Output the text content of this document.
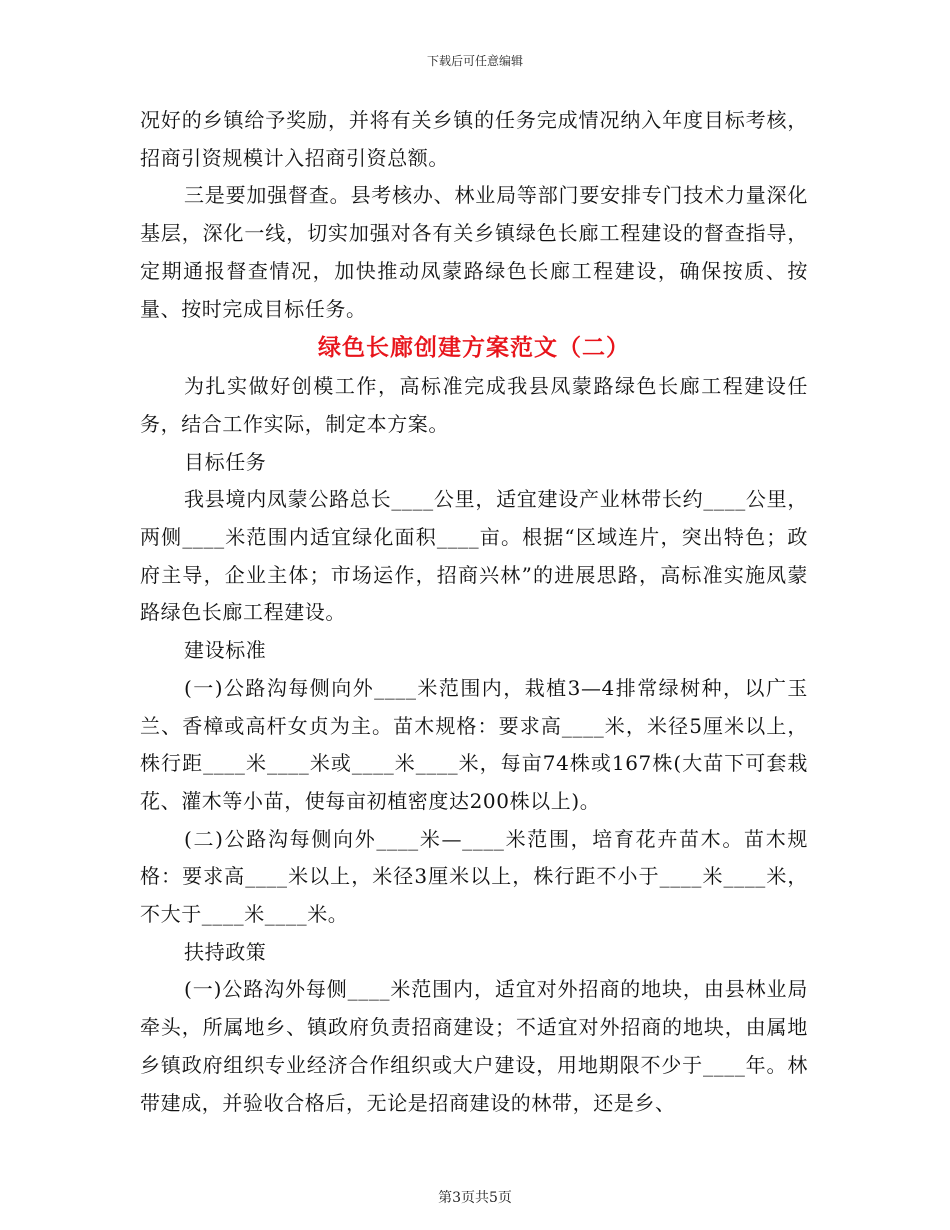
下载后可任意编辑

况好的乡镇给予奖励，并将有关乡镇的任务完成情况纳入年度目标考核，招商引资规模计入招商引资总额。

三是要加强督查。县考核办、林业局等部门要安排专门技术力量深化基层，深化一线，切实加强对各有关乡镇绿色长廊工程建设的督查指导，定期通报督查情况，加快推动凤蒙路绿色长廊工程建设，确保按质、按量、按时完成目标任务。

绿色长廊创建方案范文（二）

为扎实做好创模工作，高标准完成我县凤蒙路绿色长廊工程建设任务，结合工作实际，制定本方案。

目标任务

我县境内凤蒙公路总长____公里，适宜建设产业林带长约____公里，两侧____米范围内适宜绿化面积____亩。根据“区域连片，突出特色；政府主导，企业主体；市场运作，招商兴林”的进展思路，高标准实施凤蒙路绿色长廊工程建设。

建设标准

(一)公路沟每侧向外____米范围内，栽植3—4排常绿树种，以广玉兰、香樟或高杆女贞为主。苗木规格：要求高____米，米径5厘米以上，株行距____米____米或____米____米，每亩74株或167株(大苗下可套栽花、灌木等小苗，使每亩初植密度达200株以上)。

(二)公路沟每侧向外____米—____米范围，培育花卉苗木。苗木规格：要求高____米以上，米径3厘米以上，株行距不小于____米____米，不大于____米____米。

扶持政策

(一)公路沟外每侧____米范围内，适宜对外招商的地块，由县林业局牵头，所属地乡、镇政府负责招商建设；不适宜对外招商的地块，由属地乡镇政府组织专业经济合作组织或大户建设，用地期限不少于____年。林带建成，并验收合格后，无论是招商建设的林带，还是乡、

第3页共5页
